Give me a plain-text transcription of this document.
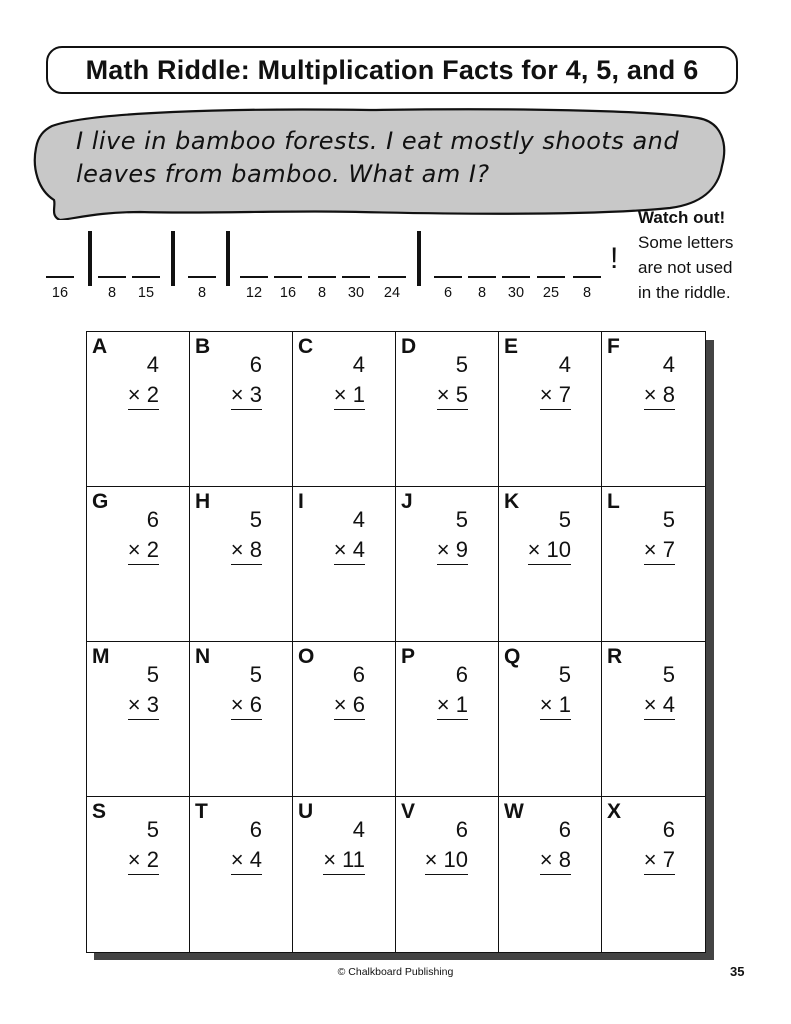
Math Riddle: Multiplication Facts for 4, 5, and 6
I live in bamboo forests. I eat mostly shoots and
leaves from bamboo. What am I?
16	8	15	8	12	16	8	30	24	6	8	30	25	8
!
Watch out!
Some letters
are not used
in the riddle.
A
4
× 2
B
6
× 3
C
4
× 1
D
5
× 5
E
4
× 7
F
4
× 8
G
6
× 2
H
5
× 8
I
4
× 4
J
5
× 9
K
5
× 10
L
5
× 7
M
5
× 3
N
5
× 6
O
6
× 6
P
6
× 1
Q
5
× 1
R
5
× 4
S
5
× 2
T
6
× 4
U
4
× 11
V
6
× 10
W
6
× 8
X
6
× 7
© Chalkboard Publishing	35
